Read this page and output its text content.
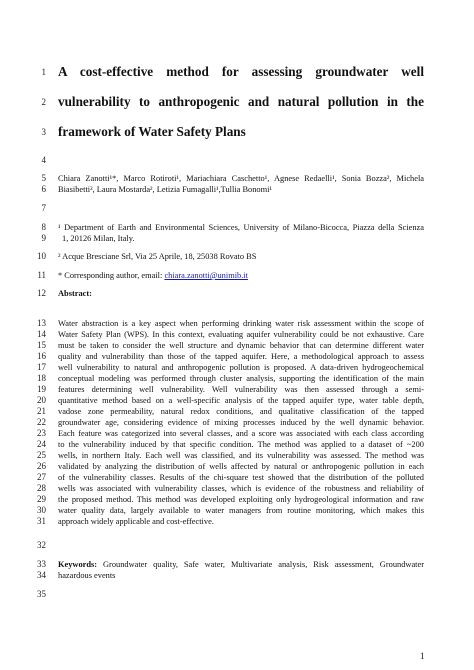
1
2
3
4
5
6
7
8
9
10
11
12
13
14
15
16
17
18
19
20
21
22
23
24
25
26
27
28
29
30
31
32
33
34
35
A cost-effective method for assessing groundwater well
vulnerability to anthropogenic and natural pollution in the
framework of Water Safety Plans
Chiara Zanotti¹*, Marco Rotiroti¹, Mariachiara Caschetto¹, Agnese Redaelli¹, Sonia Bozza², Michela
Biasibetti², Laura Mostarda², Letizia Fumagalli¹,Tullia Bonomi¹
¹ Department of Earth and Environmental Sciences, University of Milano-Bicocca, Piazza della Scienza
1, 20126 Milan, Italy.
² Acque Bresciane Srl, Via 25 Aprile, 18, 25038 Rovato BS
* Corresponding author, email: chiara.zanotti@unimib.it
Abstract:
Water abstraction is a key aspect when performing drinking water risk assessment within the scope of
Water Safety Plan (WPS). In this context, evaluating aquifer vulnerability could be not exhaustive. Care
must be taken to consider the well structure and dynamic behavior that can determine different water
quality and vulnerability than those of the tapped aquifer. Here, a methodological approach to assess
well vulnerability to natural and anthropogenic pollution is proposed. A data-driven hydrogeochemical
conceptual modeling was performed through cluster analysis, supporting the identification of the main
features determining well vulnerability. Well vulnerability was then assessed through a semi-
quantitative method based on a well-specific analysis of the tapped aquifer type, water table depth,
vadose zone permeability, natural redox conditions, and qualitative classification of the tapped
groundwater age, considering evidence of mixing processes induced by the well dynamic behavior.
Each feature was categorized into several classes, and a score was associated with each class according
to the vulnerability induced by that specific condition. The method was applied to a dataset of ~200
wells, in northern Italy. Each well was classified, and its vulnerability was assessed. The method was
validated by analyzing the distribution of wells affected by natural or anthropogenic pollution in each
of the vulnerability classes. Results of the chi-square test showed that the distribution of the polluted
wells was associated with vulnerability classes, which is evidence of the robustness and reliability of
the proposed method. This method was developed exploiting only hydrogeological information and raw
water quality data, largely available to water managers from routine monitoring, which makes this
approach widely applicable and cost-effective.
Keywords: Groundwater quality, Safe water, Multivariate analysis, Risk assessment, Groundwater
hazardous events
1
